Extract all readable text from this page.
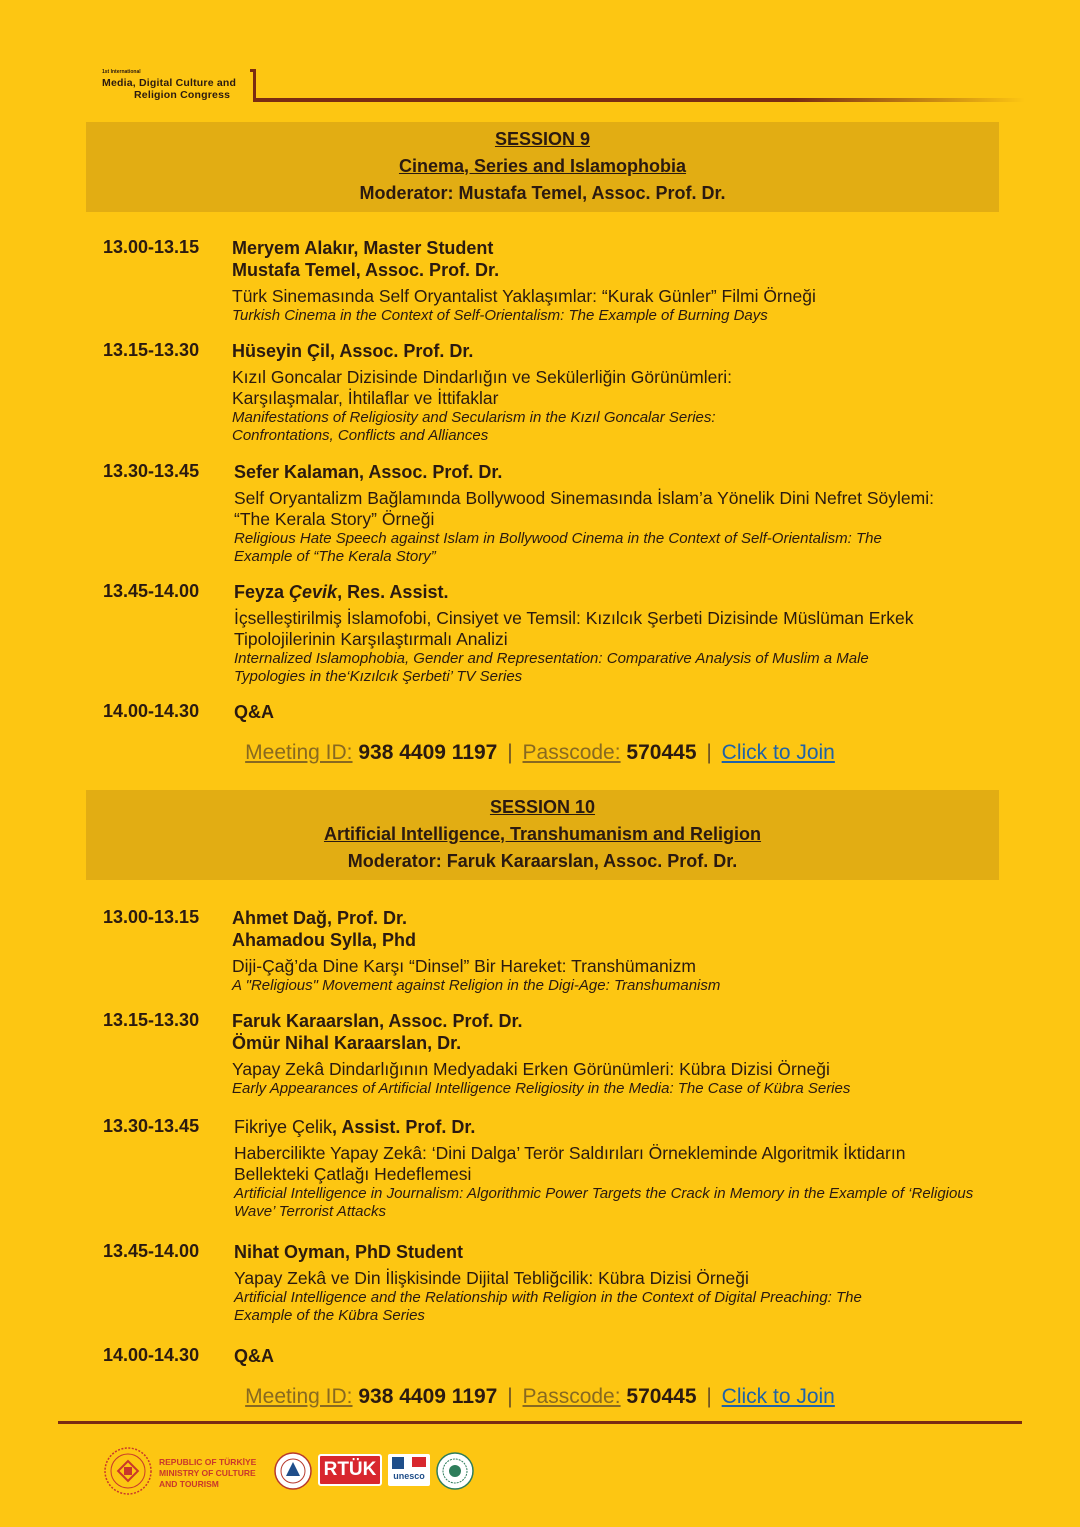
1st International
Media, Digital Culture and
Religion Congress
SESSION 9
Cinema, Series and Islamophobia
Moderator: Mustafa Temel, Assoc. Prof. Dr.
13.00-13.15	Meryem Alakır, Master Student
Mustafa Temel, Assoc. Prof. Dr.
Türk Sinemasında Self Oryantalist Yaklaşımlar: “Kurak Günler” Filmi Örneği
Turkish Cinema in the Context of Self-Orientalism: The Example of Burning Days
13.15-13.30	Hüseyin Çil, Assoc. Prof. Dr.
Kızıl Goncalar Dizisinde Dindarlığın ve Sekülerliğin Görünümleri: Karşılaşmalar, İhtilaflar ve İttifaklar
Manifestations of Religiosity and Secularism in the Kızıl Goncalar Series: Confrontations, Conflicts and Alliances
13.30-13.45	Sefer Kalaman, Assoc. Prof. Dr.
Self Oryantalizm Bağlamında Bollywood Sinemasında İslam’a Yönelik Dini Nefret Söylemi: “The Kerala Story” Örneği
Religious Hate Speech against Islam in Bollywood Cinema in the Context of Self-Orientalism: The Example of “The Kerala Story”
13.45-14.00	Feyza Çevik, Res. Assist.
İçselleştirilmiş İslamofobi, Cinsiyet ve Temsil: Kızılcık Şerbeti Dizisinde Müslüman Erkek Tipolojilerinin Karşılaştırmalı Analizi
Internalized Islamophobia, Gender and Representation: Comparative Analysis of Muslim a Male Typologies in the‘Kızılcık Şerbeti’ TV Series
14.00-14.30	Q&A
Meeting ID: 938 4409 1197 | Passcode: 570445 | Click to Join
SESSION 10
Artificial Intelligence, Transhumanism and Religion
Moderator: Faruk Karaarslan, Assoc. Prof. Dr.
13.00-13.15	Ahmet Dağ, Prof. Dr.
Ahamadou Sylla, Phd
Diji-Çağ’da Dine Karşı “Dinsel” Bir Hareket: Transhümanizm
A "Religious" Movement against Religion in the Digi-Age: Transhumanism
13.15-13.30	Faruk Karaarslan, Assoc. Prof. Dr.
Ömür Nihal Karaarslan, Dr.
Yapay Zekâ Dindarlığının Medyadaki Erken Görünümleri: Kübra Dizisi Örneği
Early Appearances of Artificial Intelligence Religiosity in the Media: The Case of Kübra Series
13.30-13.45	Fikriye Çelik, Assist. Prof. Dr.
Habercilikte Yapay Zekâ: ‘Dini Dalga’ Terör Saldırıları Örnekleminde Algoritmik İktidarın Bellekteki Çatlağı Hedeflemesi
Artificial Intelligence in Journalism: Algorithmic Power Targets the Crack in Memory in the Example of ‘Religious Wave’ Terrorist Attacks
13.45-14.00	Nihat Oyman, PhD Student
Yapay Zekâ ve Din İlişkisinde Dijital Tebliğcilik: Kübra Dizisi Örneği
Artificial Intelligence and the Relationship with Religion in the Context of Digital Preaching: The Example of the Kübra Series
14.00-14.30	Q&A
Meeting ID: 938 4409 1197 | Passcode: 570445 | Click to Join
REPUBLIC OF TÜRKİYE
MINISTRY OF CULTURE
AND TOURISM
RTÜK	unesco
